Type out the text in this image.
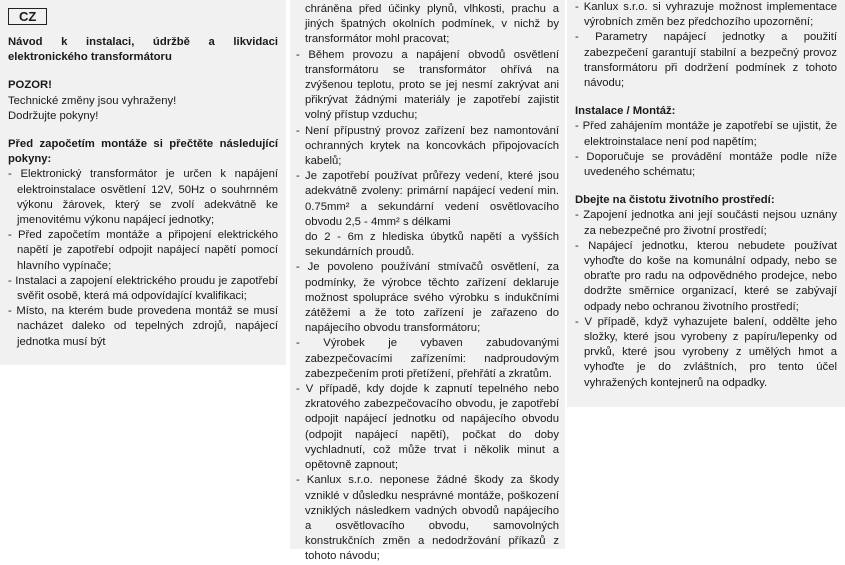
CZ

Návod k instalaci, údržbě a likvidaci elektronického transformátoru

POZOR!

Technické změny jsou vyhraženy!

Dodržujte pokyny!

Před započetím montáže si přečtěte následující pokyny:

- Elektronický transformátor je určen k napájení elektroinstalace osvětlení 12V, 50Hz o souhrnném výkonu žárovek, který se zvolí adekvátně ke jmenovitému výkonu napájecí jednotky;
- Před započetím montáže a připojení elektrického napětí je zapotřebí odpojit napájecí napětí pomocí hlavního vypínače;
- Instalaci a zapojení elektrického proudu je zapotřebí svěřit osobě, která má odpovídající kvalifikaci;
- Místo, na kterém bude provedena montáž se musí nacházet daleko od tepelných zdrojů, napájecí jednotka musí být

chráněna před účinky plynů, vlhkosti, prachu a jiných špatných okolních podmínek, v nichž by transformátor mohl pracovat;

- Během provozu a napájení obvodů osvětlení transformátoru se transformátor ohřívá na zvýšenou teplotu, proto se jej nesmí zakrývat ani přikrývat žádnými materiály je zapotřebí zajistit volný přístup vzduchu;
- Není přípustný provoz zařízení bez namontování ochranných krytek na koncovkách připojovacích kabelů;
- Je zapotřebí používat průřezy vedení, které jsou adekvátně zvoleny: primární napájecí vedení min. 0.75mm² a sekundární vedení osvětlovacího obvodu 2,5 - 4mm² s délkami
do 2 - 6m z hlediska úbytků napětí a vyšších sekundárních proudů.
- Je povoleno používání stmívačů osvětlení, za podmínky, že výrobce těchto zařízení deklaruje možnost spolupráce svého výrobku s indukčními zátěžemi a že toto zařízení je zařazeno do napájecího obvodu transformátoru;
- Výrobek je vybaven zabudovanými zabezpečovacími zařízeními: nadproudovým zabezpečením proti přetížení, přehřátí a zkratům.
- V případě, kdy dojde k zapnutí tepelného nebo zkratového zabezpečovacího obvodu, je zapotřebí odpojit napájecí jednotku od napájecího obvodu (odpojit napájecí napětí), počkat do doby vychladnutí, což může trvat i několik minut a opětovně zapnout;
- Kanlux s.r.o. neponese žádné škody za škody vzniklé v důsledku nesprávné montáže, poškození vzniklých následkem vadných obvodů napájecího a osvětlovacího obvodu, samovolných konstrukčních změn a nedodržování příkazů z tohoto návodu;
- Kanlux s.r.o. si vyhrazuje možnost implementace výrobních změn bez předchozího upozornění;
- Parametry napájecí jednotky a použití zabezpečení garantují stabilní a bezpečný provoz transformátoru při dodržení podmínek z tohoto návodu;

Instalace / Montáž:

- Před zahájením montáže je zapotřebí se ujistit, že elektroinstalace není pod napětím;
- Doporučuje se provádění montáže podle níže uvedeného schématu;

Dbejte na čistotu životního prostředí:

- Zapojení jednotka ani její součásti nejsou uznány za nebezpečné pro životní prostředí;
- Napájecí jednotku, kterou nebudete používat vyhoďte do koše na komunální odpady, nebo se obraťte pro radu na odpovědného prodejce, nebo dodržte směrnice organizací, které se zabývají odpady nebo ochranou životního prostředí;
- V případě, když vyhazujete balení, oddělte jeho složky, které jsou vyrobeny z papíru/lepenky od prvků, které jsou vyrobeny z umělých hmot a vyhoďte je do zvláštních, pro tento účel vyhražených kontejnerů na odpadky.
